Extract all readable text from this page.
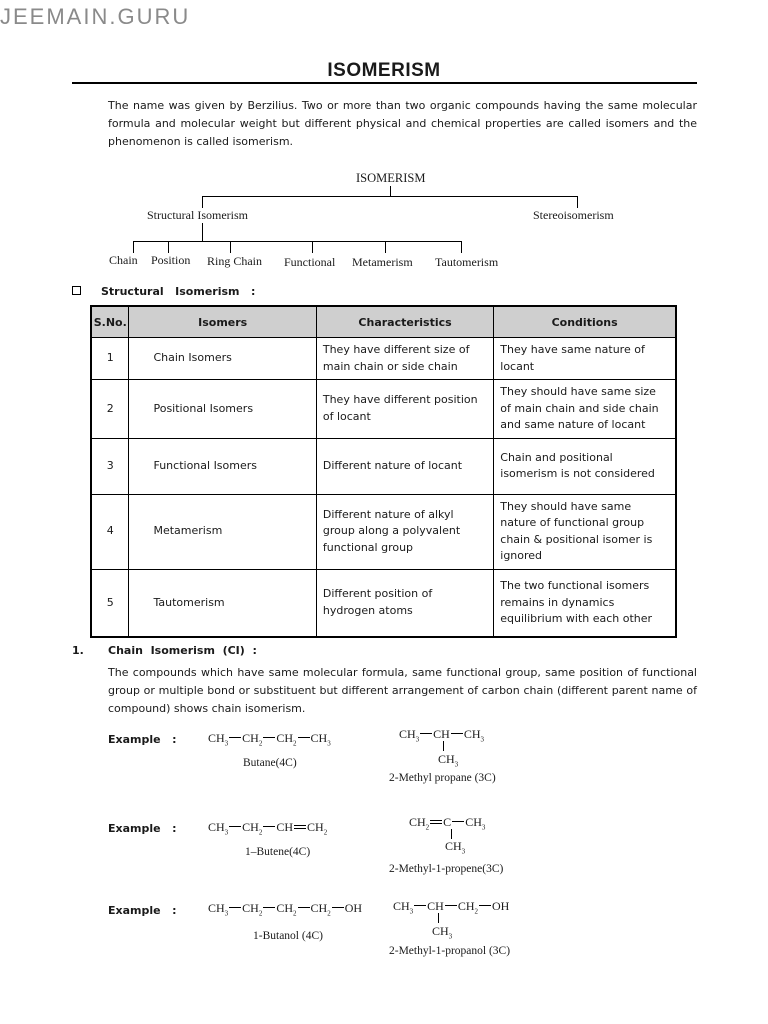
JEEMAIN.GURU
ISOMERISM
The name was given by Berzilius. Two or more than two organic compounds having the same molecular formula and molecular weight but different physical and chemical properties are called isomers and the phenomenon is called isomerism.
ISOMERISM
Structural Isomerism	Stereoisomerism
Chain Position Ring Chain Functional Metamerism Tautomerism
Structural   Isomerism   :
S.No.	Isomers	Characteristics	Conditions
1	Chain Isomers	They have different size of main chain or side chain	They have same nature of locant
2	Positional Isomers	They have different position of locant	They should have same size of main chain and side chain and same nature of locant
3	Functional Isomers	Different nature of locant	Chain and positional isomerism is not considered
4	Metamerism	Different nature of alkyl group along a polyvalent functional group	They should have same nature of functional group chain & positional isomer is ignored
5	Tautomerism	Different position of hydrogen atoms	The two functional isomers remains in dynamics equilibrium with each other
1. Chain  Isomerism  (CI)  :
The compounds which have same molecular formula, same functional group, same position of functional group or multiple bond or substituent but different arrangement of carbon chain (different parent name of compound) shows chain isomerism.
Example   :	$CH_3$ $CH_2$ $CH_2$ $CH_3$
Butane(4C)
$CH_3$ CH $CH_3$
$CH_3$
2-Methyl propane (3C)
Example   :	$CH_3$ $CH_2$ CH $CH_2$
1–Butene(4C)
$CH_2$ C $CH_3$
$CH_3$
2-Methyl-1-propene(3C)
Example   :	$CH_3$ $CH_2$ $CH_2$ $CH_2$ OH
1-Butanol (4C)
$CH_3$ CH $CH_2$ OH
$CH_3$
2-Methyl-1-propanol (3C)
